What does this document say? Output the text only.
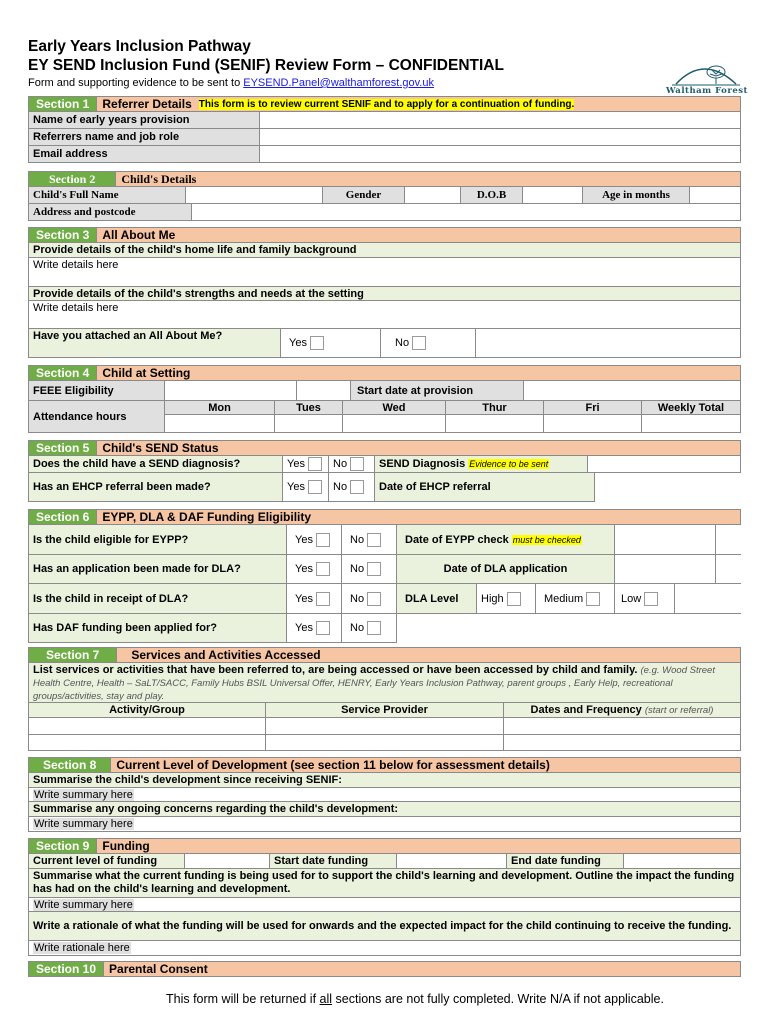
Early Years Inclusion Pathway
EY SEND Inclusion Fund (SENIF) Review Form – CONFIDENTIAL
Form and supporting evidence to be sent to EYSEND.Panel@walthamforest.gov.uk
Waltham Forest
Section 1	Referrer Details This form is to review current SENIF and to apply for a continuation of funding.
Name of early years provision
Referrers name and job role
Email address
Section 2	Child's Details
Child's Full Name	Gender	D.O.B	Age in months
Address and postcode
Section 3	All About Me
Provide details of the child's home life and family background
Write details here
Provide details of the child's strengths and needs at the setting
Write details here
Have you attached an All About Me?
Yes	No
Section 4	Child at Setting
FEEE Eligibility	Start date at provision
Attendance hours
Mon	Tues	Wed	Thur	Fri	Weekly Total
Section 5	Child's SEND Status
Does the child have a SEND diagnosis?	Yes	No	SEND Diagnosis
Evidence to be sent
Has an EHCP referral been made?	Yes	No	Date of EHCP referral
Section 6	EYPP, DLA & DAF Funding Eligibility
Is the child eligible for EYPP?	Yes	No	Date of EYPP check
must be checked
Has an application been made for DLA?	Yes	No	Date of DLA application
Is the child in receipt of DLA?	Yes	No	DLA Level	High	Medium	Low
Has DAF funding been applied for?	Yes	No
Section 7	Services and Activities Accessed
List services or activities that have been referred to, are being accessed or have been accessed by child and family. (e.g. Wood Street Health Centre, Health – SaLT/SACC, Family Hubs BSIL Universal Offer, HENRY, Early Years Inclusion Pathway, parent groups , Early Help, recreational groups/activities, stay and play.
Activity/Group	Service Provider	Dates and Frequency
(start or referral)
Section 8	Current Level of Development (see section 11 below for assessment details)
Summarise the child's development since receiving SENIF:
Write summary here
Summarise any ongoing concerns regarding the child's development:
Write summary here
Section 9	Funding
Current level of funding	Start date funding	End date funding
Summarise what the current funding is being used for to support the child's learning and development. Outline the impact the funding has had on the child's learning and development.
Write summary here
Write a rationale of what the funding will be used for onwards and the expected impact for the child continuing to receive the funding.
Write rationale here
Section 10	Parental Consent
This form will be returned if all sections are not fully completed. Write N/A if not applicable.
